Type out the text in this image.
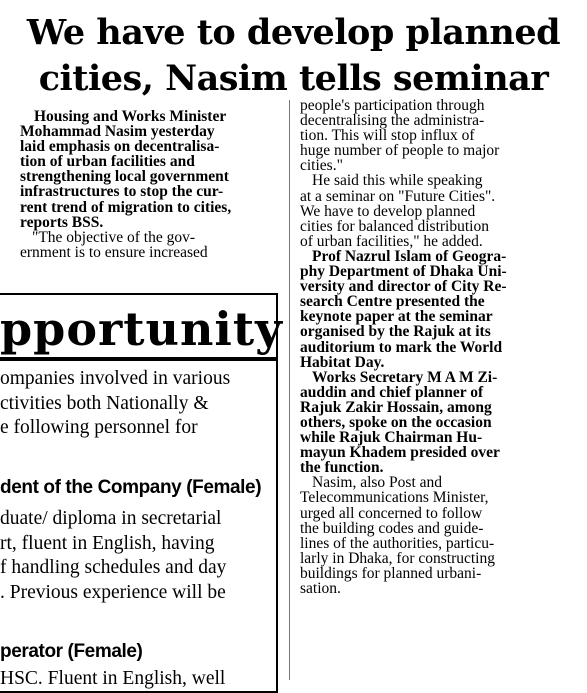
We have to develop planned
cities, Nasim tells seminar
Housing and Works Minister
Mohammad Nasim yesterday
laid emphasis on decentralisa-
tion of urban facilities and
strengthening local government
infrastructures to stop the cur-
rent trend of migration to cities,
reports BSS.
"The objective of the gov-
ernment is to ensure increased
people's participation through
decentralising the administra-
tion. This will stop influx of
huge number of people to major
cities."
He said this while speaking
at a seminar on "Future Cities".
We have to develop planned
cities for balanced distribution
of urban facilities," he added.
Prof Nazrul Islam of Geogra-
phy Department of Dhaka Uni-
versity and director of City Re-
search Centre presented the
keynote paper at the seminar
organised by the Rajuk at its
auditorium to mark the World
Habitat Day.
Works Secretary M A M Zi-
auddin and chief planner of
Rajuk Zakir Hossain, among
others, spoke on the occasion
while Rajuk Chairman Hu-
mayun Khadem presided over
the function.
Nasim, also Post and
Telecommunications Minister,
urged all concerned to follow
the building codes and guide-
lines of the authorities, particu-
larly in Dhaka, for constructing
buildings for planned urbani-
sation.
pportunity
ompanies involved in various
ctivities both Nationally &
e following personnel for
dent of the Company (Female)
duate/ diploma in secretarial
rt, fluent in English, having
f handling schedules and day
. Previous experience will be
perator (Female)
HSC. Fluent in English, well
